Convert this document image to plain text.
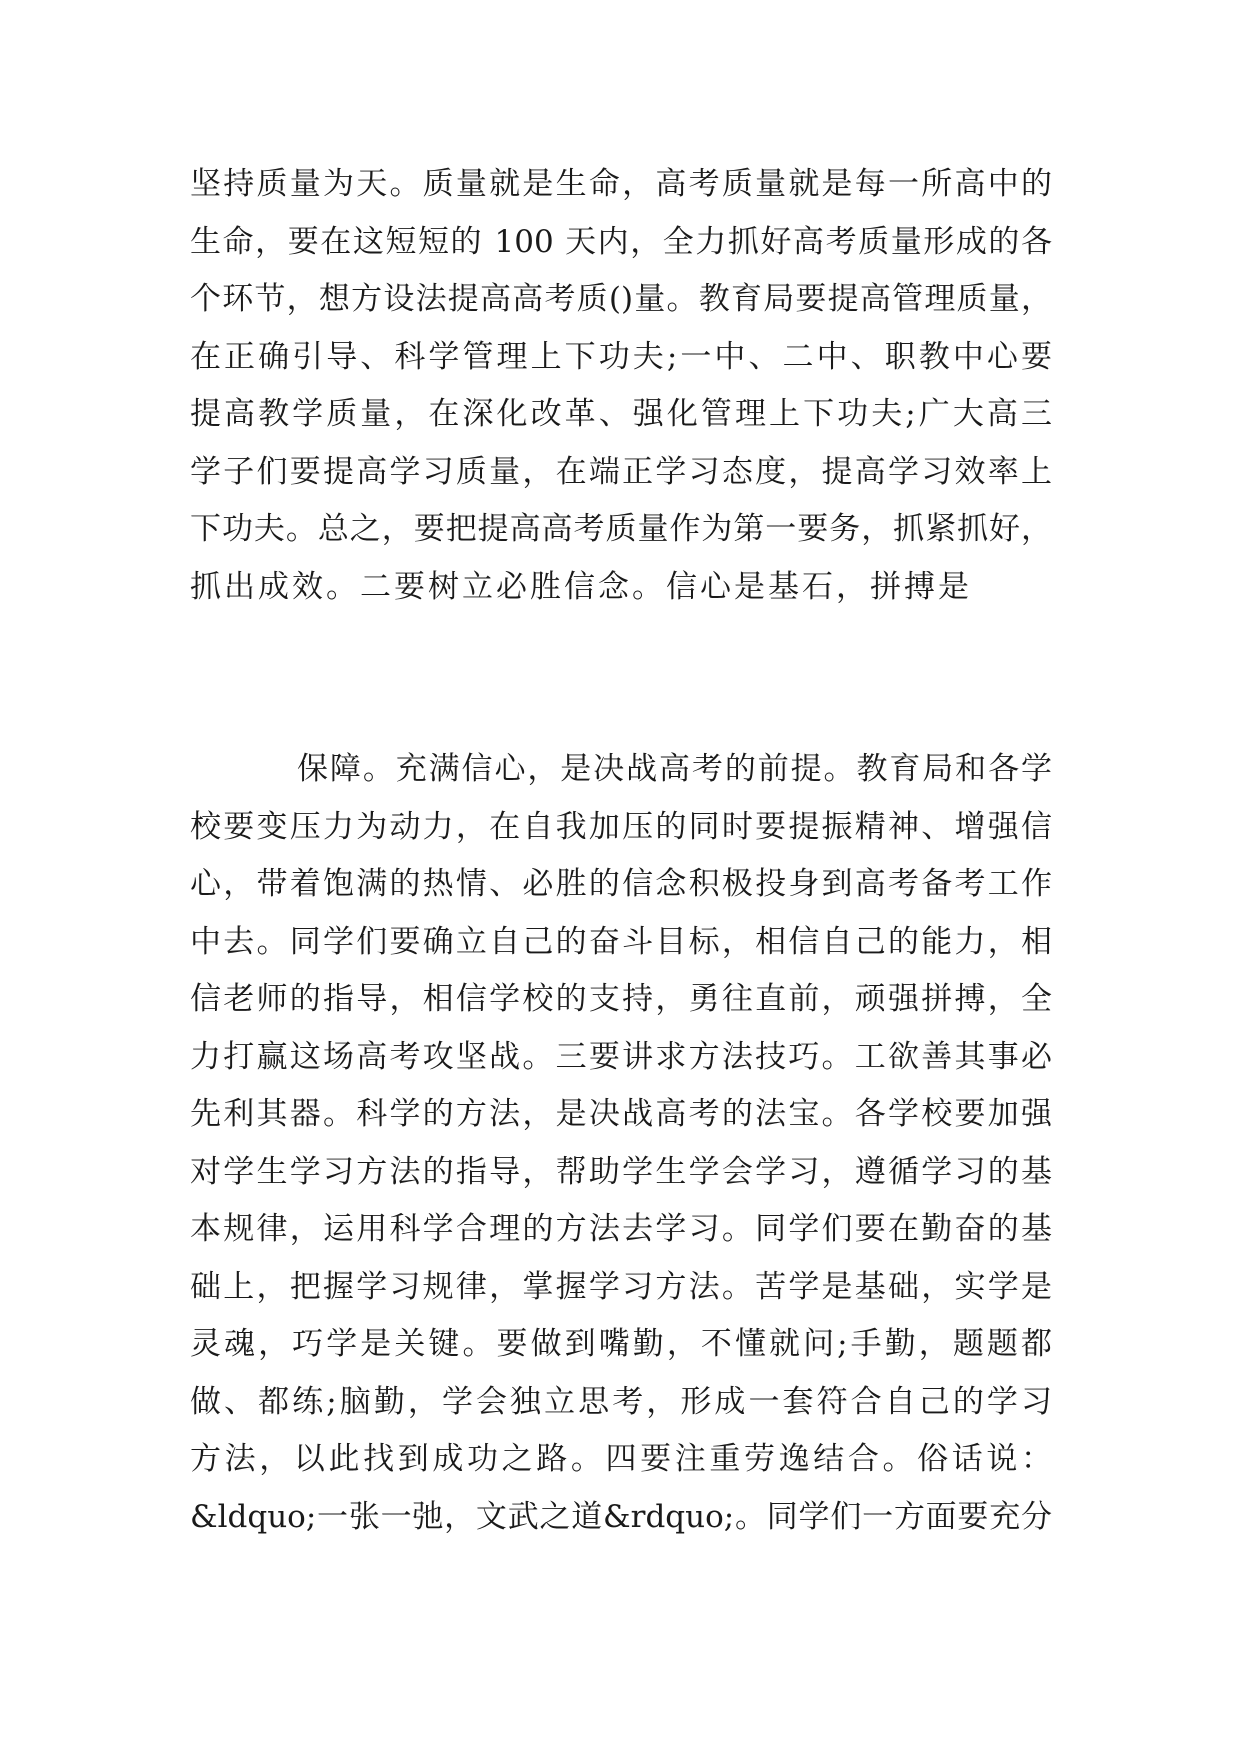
坚持质量为天。质量就是生命，高考质量就是每一所高中的
生命，要在这短短的 100 天内，全力抓好高考质量形成的各
个环节，想方设法提高高考质()量。教育局要提高管理质量，
在正确引导、科学管理上下功夫;一中、二中、职教中心要
提高教学质量，在深化改革、强化管理上下功夫;广大高三
学子们要提高学习质量，在端正学习态度，提高学习效率上
下功夫。总之，要把提高高考质量作为第一要务，抓紧抓好，
抓出成效。二要树立必胜信念。信心是基石，拼搏是
保障。充满信心，是决战高考的前提。教育局和各学
校要变压力为动力，在自我加压的同时要提振精神、增强信
心，带着饱满的热情、必胜的信念积极投身到高考备考工作
中去。同学们要确立自己的奋斗目标，相信自己的能力，相
信老师的指导，相信学校的支持，勇往直前，顽强拼搏，全
力打赢这场高考攻坚战。三要讲求方法技巧。工欲善其事必
先利其器。科学的方法，是决战高考的法宝。各学校要加强
对学生学习方法的指导，帮助学生学会学习，遵循学习的基
本规律，运用科学合理的方法去学习。同学们要在勤奋的基
础上，把握学习规律，掌握学习方法。苦学是基础，实学是
灵魂，巧学是关键。要做到嘴勤，不懂就问;手勤，题题都
做、都练;脑勤，学会独立思考，形成一套符合自己的学习
方法，以此找到成功之路。四要注重劳逸结合。俗话说：
&ldquo;一张一弛，文武之道&rdquo;。同学们一方面要充分
